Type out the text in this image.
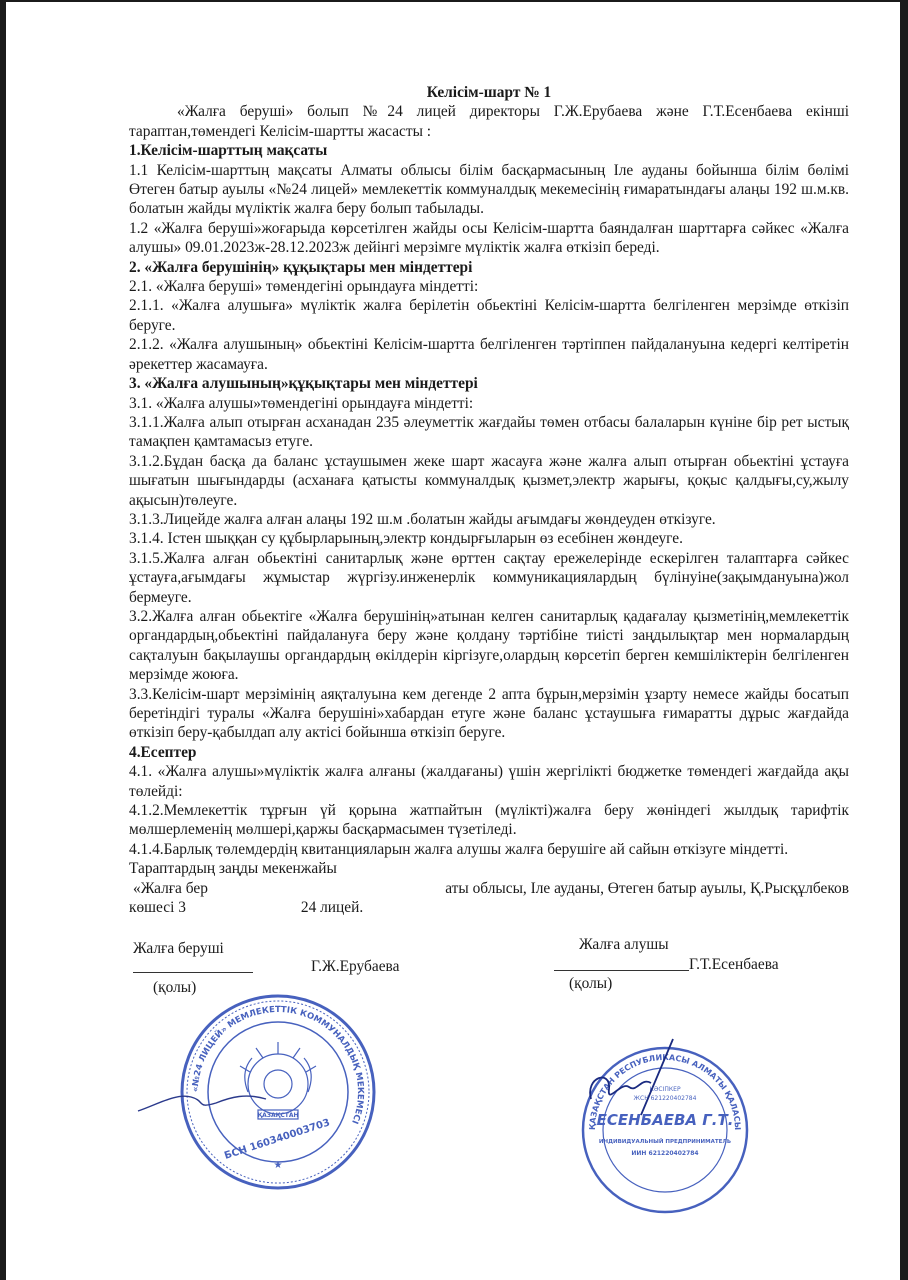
Келісім-шарт № 1

«Жалға беруші» болып №24 лицей директоры Г.Ж.Ерубаева және Г.Т.Есенбаева екінші тараптан,төмендегі Келісім-шартты жасасты :

1.Келісім-шарттың мақсаты

1.1 Келісім-шарттың мақсаты Алматы облысы білім басқармасының Іле ауданы бойынша білім бөлімі Өтеген батыр ауылы «№24 лицей» мемлекеттік коммуналдық мекемесінің ғимаратындағы алаңы 192 ш.м.кв. болатын жайды мүліктік жалға беру болып табылады.

1.2 «Жалға беруші»жоғарыда көрсетілген жайды осы Келісім-шартта баяндалған шарттарға сәйкес «Жалға алушы» 09.01.2023ж-28.12.2023ж дейінгі мерзімге мүліктік жалға өткізіп береді.

2. «Жалға берушінің» құқықтары мен міндеттері

2.1. «Жалға беруші» төмендегіні орындауға міндетті:

2.1.1. «Жалға алушыға» мүліктік жалға берілетін обьектіні Келісім-шартта белгіленген мерзімде өткізіп беруге.

2.1.2. «Жалға алушының» обьектіні Келісім-шартта белгіленген тәртіппен пайдалануына кедергі келтіретін әрекеттер жасамауға.

3. «Жалға алушының»құқықтары мен міндеттері

3.1. «Жалға алушы»төмендегіні орындауға міндетті:

3.1.1.Жалға алып отырған асханадан 235 әлеуметтік жағдайы төмен отбасы балаларын күніне бір рет ыстық тамақпен қамтамасыз етуге.

3.1.2.Бұдан басқа да баланс ұстаушымен жеке шарт жасауға және жалға алып отырған обьектіні ұстауға шығатын шығындарды (асханаға қатысты коммуналдық қызмет,электр жарығы, қоқыс қалдығы,су,жылу ақысын)төлеуге.

3.1.3.Лицейде жалға алған алаңы 192 ш.м .болатын жайды ағымдағы жөндеуден өткізуге.

3.1.4. Істен шыққан су құбырларының,электр кондырғыларын өз есебінен жөндеуге.

3.1.5.Жалға алған обьектіні санитарлық және өрттен сақтау ережелерінде ескерілген талаптарға сәйкес ұстауға,ағымдағы жұмыстар жүргізу.инженерлік коммуникациялардың бүлінуіне(зақымдануына)жол бермеуге.

3.2.Жалға алған обьектіге «Жалға берушінің»атынан келген санитарлық қадағалау қызметінің,мемлекеттік органдардың,обьектіні пайдалануға беру және қолдану тәртібіне тиісті заңдылықтар мен нормалардың сақталуын бақылаушы органдардың өкілдерін кіргізуге,олардың көрсетіп берген кемшіліктерін белгіленген мерзімде жоюға.

3.3.Келісім-шарт мерзімінің аяқталуына кем дегенде 2 апта бұрын,мерзімін ұзарту немесе жайды босатып беретіндігі туралы «Жалға берушіні»хабардан етуге және баланс ұстаушыға ғимаратты дұрыс жағдайда өткізіп беру-қабылдап алу актісі бойынша өткізіп беруге.

4.Есептер

4.1. «Жалға алушы»мүліктік жалға алғаны (жалдағаны) үшін жергілікті бюджетке төмендегі жағдайда ақы төлейді:

4.1.2.Мемлекеттік тұрғын үй қорына жатпайтын (мүлікті)жалға беру жөніндегі жылдық тарифтік мөлшерлеменің мөлшері,қаржы басқармасымен түзетіледі.

4.1.4.Барлық төлемдердің квитанцияларын жалға алушы жалға берушіге ай сайын өткізуге міндетті.

Тараптардың заңды мекенжайы

«Жалға бер	аты облысы, Іле ауданы, Өтеген батыр ауылы, Қ.Рысқұлбеков

көшесі 3	24 лицей.

Жалға беруші
Г.Ж.Ерубаева
(қолы)
Жалға алушы
Г.Т.Есенбаева
(қолы)
«№24 ЛИЦЕЙ» МЕМЛЕКЕТТІК КОММУНАЛДЫҚ МЕКЕМЕСІ
ҚАЗАҚСТАН
БСН 160340003703
★
ҚАЗАҚСТАН РЕСПУБЛИКАСЫ АЛМАТЫ ҚАЛАСЫ
КӘСІПКЕР
ЖСН 621220402784
ЕСЕНБАЕВА Г.Т.
ИНДИВИДУАЛЬНЫЙ ПРЕДПРИНИМАТЕЛЬ
ИИН 621220402784
